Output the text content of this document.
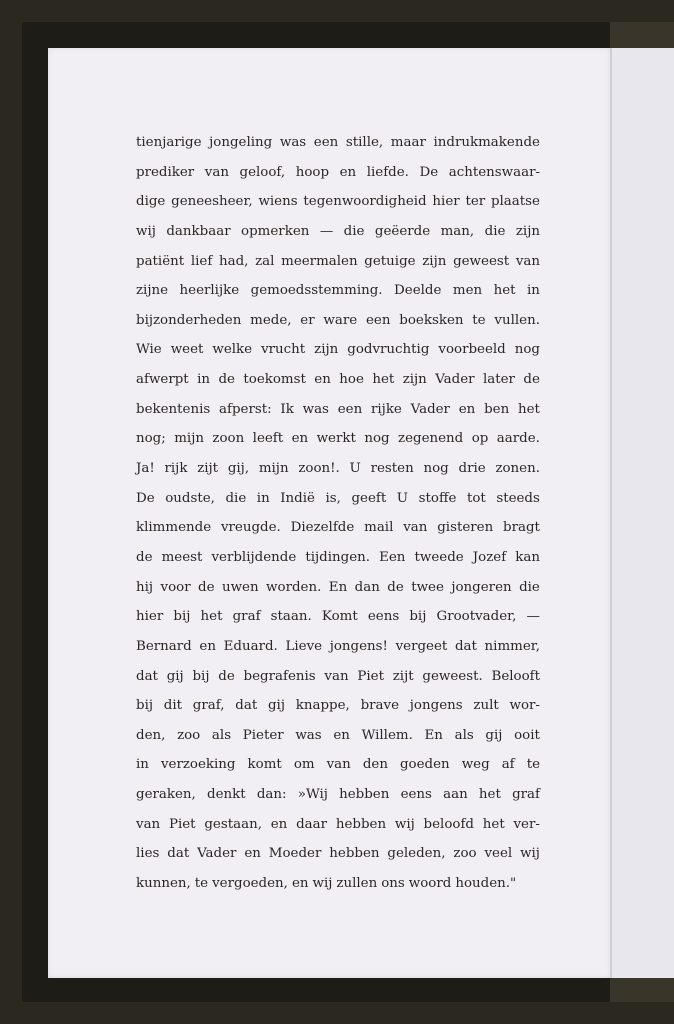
tienjarige jongeling was een stille, maar indrukmakende
prediker van geloof, hoop en liefde. De achtenswaar-
dige geneesheer, wiens tegenwoordigheid hier ter plaatse
wij dankbaar opmerken — die geëerde man, die zijn
patiënt lief had, zal meermalen getuige zijn geweest van
zijne heerlijke gemoedsstemming. Deelde men het in
bijzonderheden mede, er ware een boeksken te vullen.
Wie weet welke vrucht zijn godvruchtig voorbeeld nog
afwerpt in de toekomst en hoe het zijn Vader later de
bekentenis afperst: Ik was een rijke Vader en ben het
nog; mijn zoon leeft en werkt nog zegenend op aarde.
Ja! rijk zijt gij, mijn zoon!. U resten nog drie zonen.
De oudste, die in Indië is, geeft U stoffe tot steeds
klimmende vreugde. Diezelfde mail van gisteren bragt
de meest verblijdende tijdingen. Een tweede Jozef kan
hij voor de uwen worden. En dan de twee jongeren die
hier bij het graf staan. Komt eens bij Grootvader, —
Bernard en Eduard. Lieve jongens! vergeet dat nimmer,
dat gij bij de begrafenis van Piet zijt geweest. Belooft
bij dit graf, dat gij knappe, brave jongens zult wor-
den, zoo als Pieter was en Willem. En als gij ooit
in verzoeking komt om van den goeden weg af te
geraken, denkt dan: »Wij hebben eens aan het graf
van Piet gestaan, en daar hebben wij beloofd het ver-
lies dat Vader en Moeder hebben geleden, zoo veel wij
kunnen, te vergoeden, en wij zullen ons woord houden."
